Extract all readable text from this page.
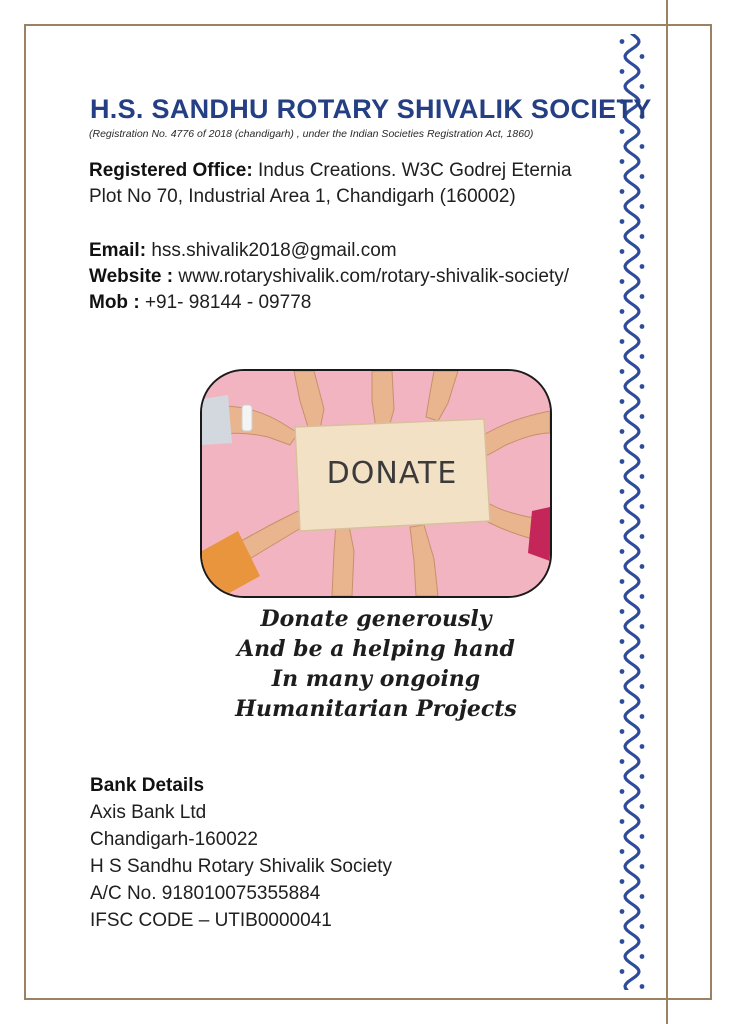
H.S. SANDHU ROTARY SHIVALIK SOCIETY
(Registration No. 4776 of 2018 (chandigarh) , under the Indian Societies Registration Act, 1860)
Registered Office: Indus Creations. W3C Godrej Eternia
Plot No 70, Industrial Area 1, Chandigarh (160002)
Email: hss.shivalik2018@gmail.com
Website : www.rotaryshivalik.com/rotary-shivalik-society/
Mob : +91- 98144 - 09778
DONATE
Donate generously
And be a helping hand
In many ongoing
Humanitarian Projects
Bank Details
Axis Bank Ltd
Chandigarh-160022
H S Sandhu Rotary Shivalik Society
A/C No. 918010075355884
IFSC CODE – UTIB0000041
